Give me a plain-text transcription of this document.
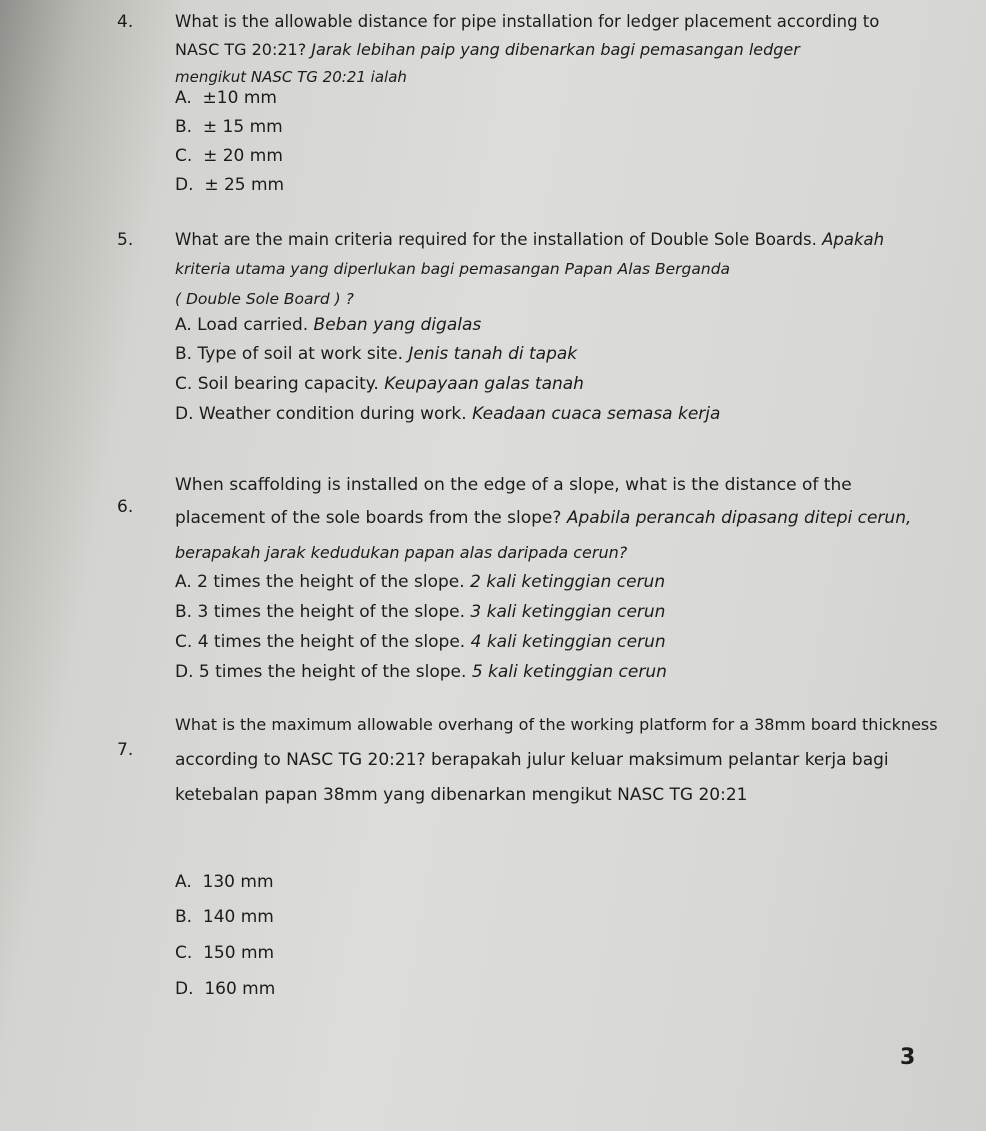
4.	What is the allowable distance for pipe installation for ledger placement according to
NASC TG 20:21? Jarak lebihan paip yang dibenarkan bagi pemasangan ledger
mengikut NASC TG 20:21 ialah
A. ±10 mm
B. ± 15 mm
C. ± 20 mm
D. ± 25 mm
5.	What are the main criteria required for the installation of Double Sole Boards. Apakah
kriteria utama yang diperlukan bagi pemasangan Papan Alas Berganda
( Double Sole Board ) ?
A. Load carried. Beban yang digalas
B. Type of soil at work site. Jenis tanah di tapak
C. Soil bearing capacity. Keupayaan galas tanah
D. Weather condition during work. Keadaan cuaca semasa kerja
6.
When scaffolding is installed on the edge of a slope, what is the distance of the
placement of the sole boards from the slope? Apabila perancah dipasang ditepi cerun,
berapakah jarak kedudukan papan alas daripada cerun?
A. 2 times the height of the slope. 2 kali ketinggian cerun
B. 3 times the height of the slope. 3 kali ketinggian cerun
C. 4 times the height of the slope. 4 kali ketinggian cerun
D. 5 times the height of the slope. 5 kali ketinggian cerun
7.
What is the maximum allowable overhang of the working platform for a 38mm board thickness
according to NASC TG 20:21? berapakah julur keluar maksimum pelantar kerja bagi
ketebalan papan 38mm yang dibenarkan mengikut NASC TG 20:21
A. 130 mm
B. 140 mm
C. 150 mm
D. 160 mm
3
